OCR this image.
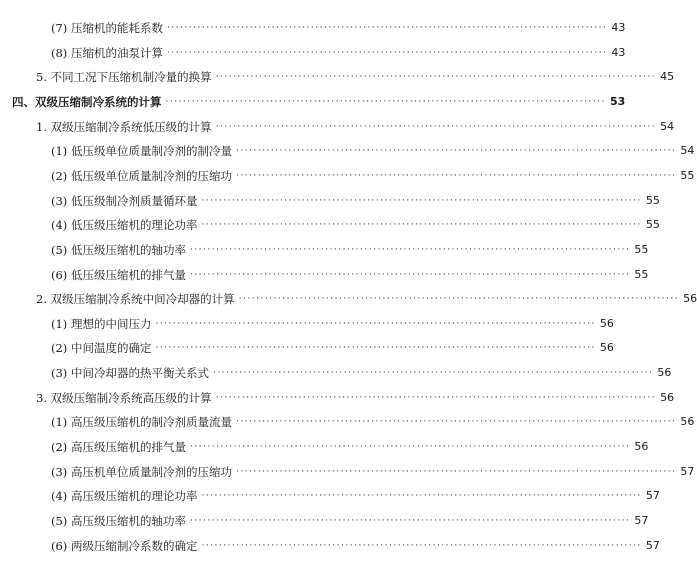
(7) 压缩机的能耗系数 ····································································································· 43
(8) 压缩机的油泵计算 ····································································································· 43
5. 不同工况下压缩机制冷量的换算 ····································································································· 45
四、双级压缩制冷系统的计算 ····································································································· 53
1. 双级压缩制冷系统低压级的计算 ····································································································· 54
(1) 低压级单位质量制冷剂的制冷量 ····································································································· 54
(2) 低压级单位质量制冷剂的压缩功 ····································································································· 55
(3) 低压级制冷剂质量循环量 ····································································································· 55
(4) 低压级压缩机的理论功率 ····································································································· 55
(5) 低压级压缩机的轴功率 ····································································································· 55
(6) 低压级压缩机的排气量 ····································································································· 55
2. 双级压缩制冷系统中间冷却器的计算 ····································································································· 56
(1) 理想的中间压力 ····································································································· 56
(2) 中间温度的确定 ····································································································· 56
(3) 中间冷却器的热平衡关系式 ····································································································· 56
3. 双级压缩制冷系统高压级的计算 ····································································································· 56
(1) 高压级压缩机的制冷剂质量流量 ····································································································· 56
(2) 高压级压缩机的排气量 ····································································································· 56
(3) 高压机单位质量制冷剂的压缩功 ····································································································· 57
(4) 高压级压缩机的理论功率 ····································································································· 57
(5) 高压级压缩机的轴功率 ····································································································· 57
(6) 两级压缩制冷系数的确定 ····································································································· 57
